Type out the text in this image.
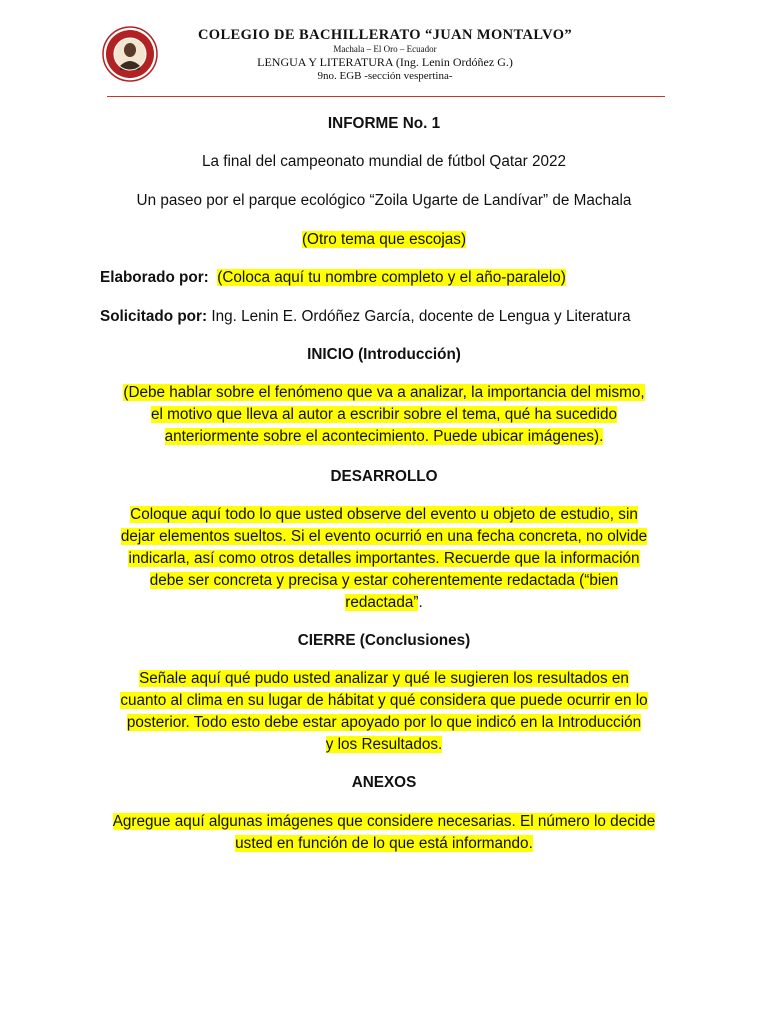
COLEGIO DE BACHILLERATO “JUAN MONTALVO”
Machala – El Oro – Ecuador
LENGUA Y LITERATURA (Ing. Lenin Ordóñez G.)
9no. EGB -sección vespertina-
INFORME No. 1
La final del campeonato mundial de fútbol Qatar 2022
Un paseo por el parque ecológico “Zoila Ugarte de Landívar” de Machala
(Otro tema que escojas)
Elaborado por: (Coloca aquí tu nombre completo y el año-paralelo)
Solicitado por: Ing. Lenin E. Ordóñez García, docente de Lengua y Literatura
INICIO (Introducción)
(Debe hablar sobre el fenómeno que va a analizar, la importancia del mismo,
el motivo que lleva al autor a escribir sobre el tema, qué ha sucedido
anteriormente sobre el acontecimiento. Puede ubicar imágenes).
DESARROLLO
Coloque aquí todo lo que usted observe del evento u objeto de estudio, sin
dejar elementos sueltos. Si el evento ocurrió en una fecha concreta, no olvide
indicarla, así como otros detalles importantes. Recuerde que la información
debe ser concreta y precisa y estar coherentemente redactada (“bien
redactada”.
CIERRE (Conclusiones)
Señale aquí qué pudo usted analizar y qué le sugieren los resultados en
cuanto al clima en su lugar de hábitat y qué considera que puede ocurrir en lo
posterior. Todo esto debe estar apoyado por lo que indicó en la Introducción
y los Resultados.
ANEXOS
Agregue aquí algunas imágenes que considere necesarias. El número lo decide
usted en función de lo que está informando.
